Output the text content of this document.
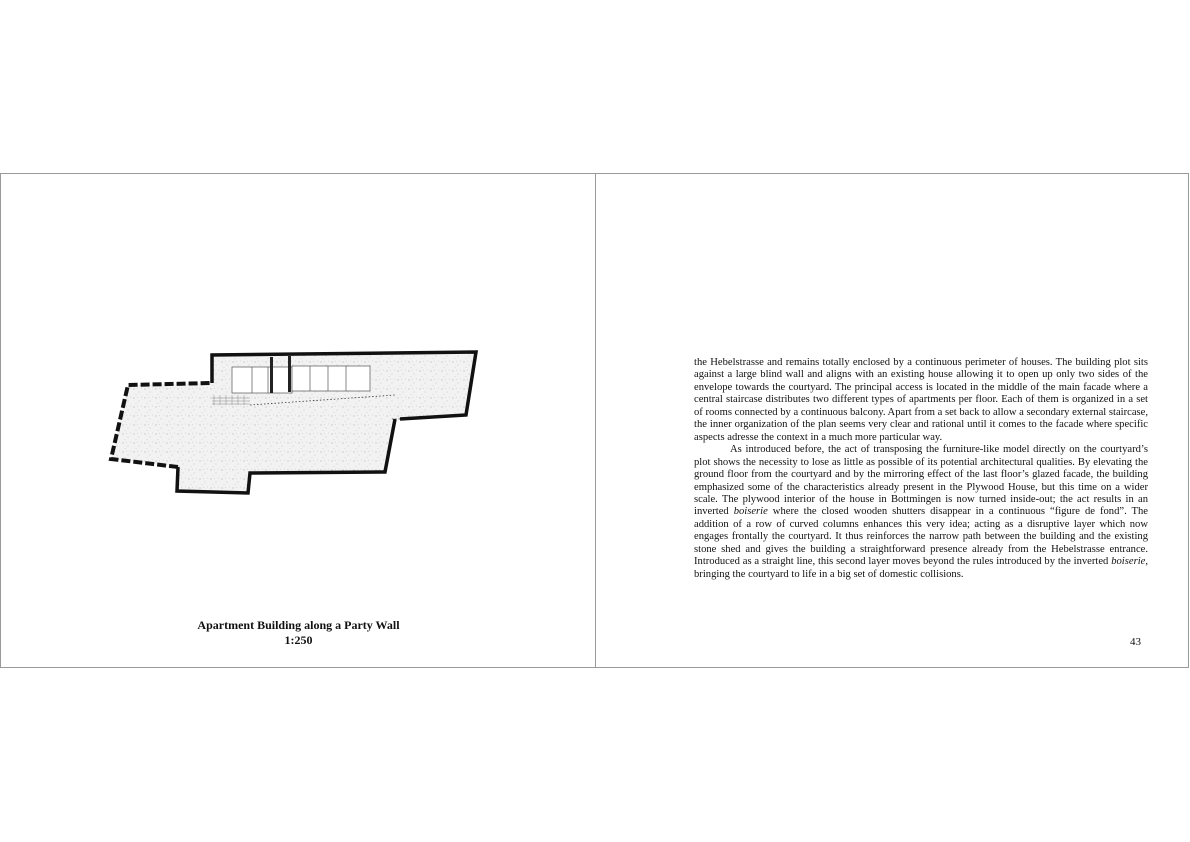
Apartment Building along a Party Wall
1:250

the Hebelstrasse and remains totally enclosed by a continuous perimeter of houses. The building plot sits against a large blind wall and aligns with an existing house allowing it to open up only two sides of the envelope towards the courtyard. The principal access is located in the middle of the main facade where a central staircase distributes two different types of apartments per floor. Each of them is organized in a set of rooms connected by a continuous balcony. Apart from a set back to allow a secondary external staircase, the inner organization of the plan seems very clear and rational until it comes to the facade where specific aspects adresse the context in a much more particular way.

As introduced before, the act of transposing the furniture-like model directly on the courtyard’s plot shows the necessity to lose as little as possible of its potential architectural qualities. By elevating the ground floor from the courtyard and by the mirroring effect of the last floor’s glazed facade, the building emphasized some of the characteristics already present in the Plywood House, but this time on a wider scale. The plywood interior of the house in Bottmingen is now turned inside-out; the act results in an inverted boiserie where the closed wooden shutters disappear in a continuous “figure de fond”. The addition of a row of curved columns enhances this very idea; acting as a disruptive layer which now engages frontally the courtyard. It thus reinforces the narrow path between the building and the existing stone shed and gives the building a straightforward presence already from the Hebelstrasse entrance. Introduced as a straight line, this second layer moves beyond the rules introduced by the inverted boiserie, bringing the courtyard to life in a big set of domestic collisions.

43
